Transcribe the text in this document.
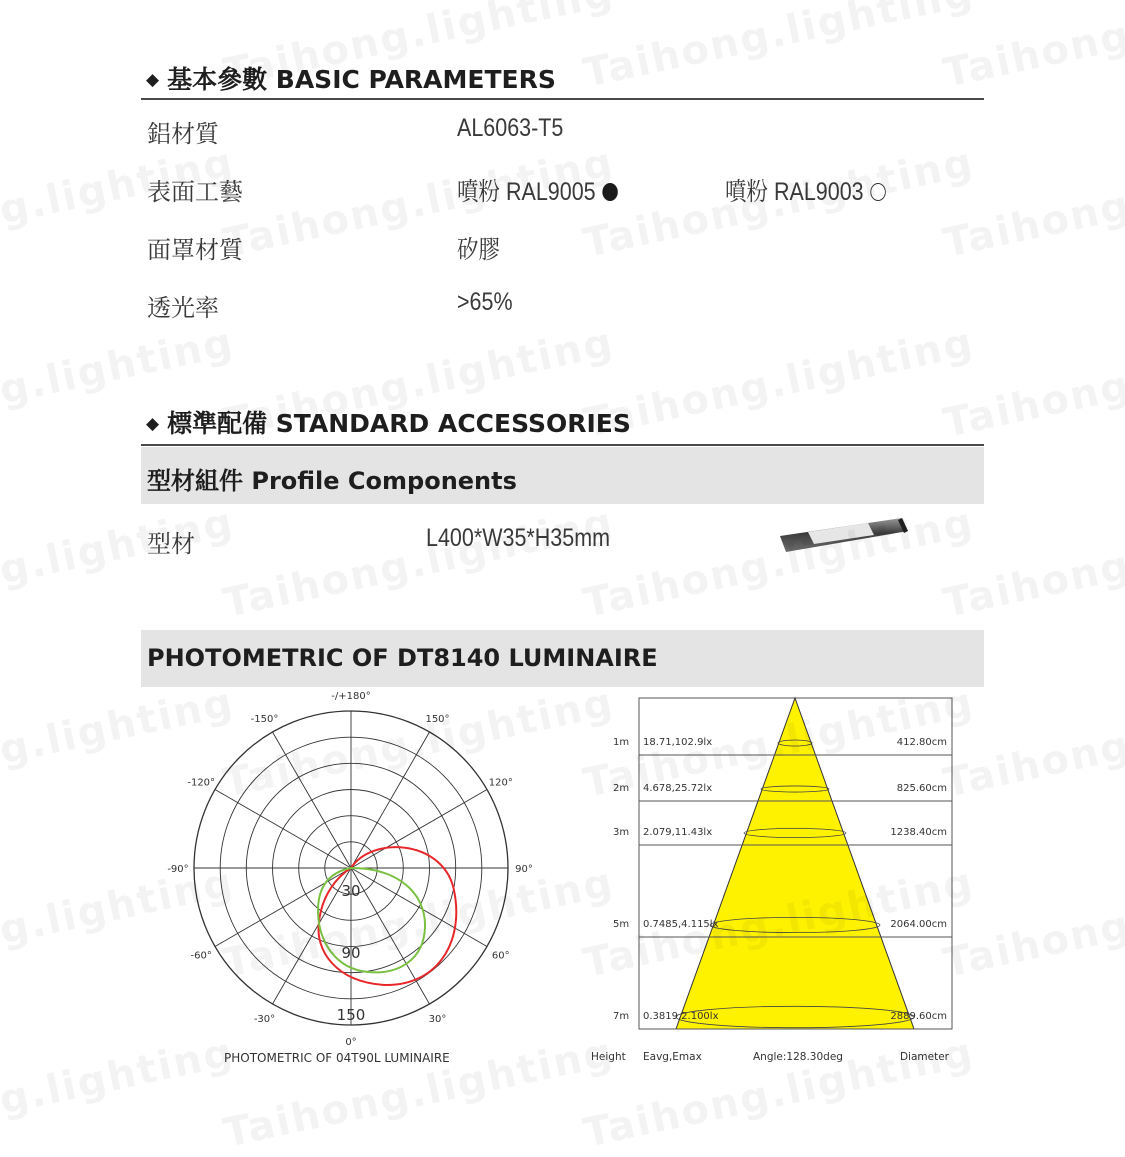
◆ 基本參數 BASIC PARAMETERS
鋁材質	AL6063-T5
表面工藝	噴粉 RAL9005	噴粉 RAL9003
面罩材質	矽膠
透光率	>65%
◆ 標準配備 STANDARD ACCESSORIES
型材組件 Profile Components
型材	L400*W35*H35mm
PHOTOMETRIC OF DT8140 LUMINAIRE
-/+180°
150°
-150°
120°
-120°
90°
-90°
60°
-60°
30°
-30°
0°
30
90
150
PHOTOMETRIC OF 04T90L LUMINAIRE
1m 18.71,102.9lx	412.80cm
2m 4.678,25.72lx	825.60cm
3m 2.079,11.43lx	1238.40cm
5m 0.7485,4.115lx	2064.00cm
7m 0.3819,2.100lx	2889.60cm
Height Eavg,Emax	Angle:128.30deg	Diameter
